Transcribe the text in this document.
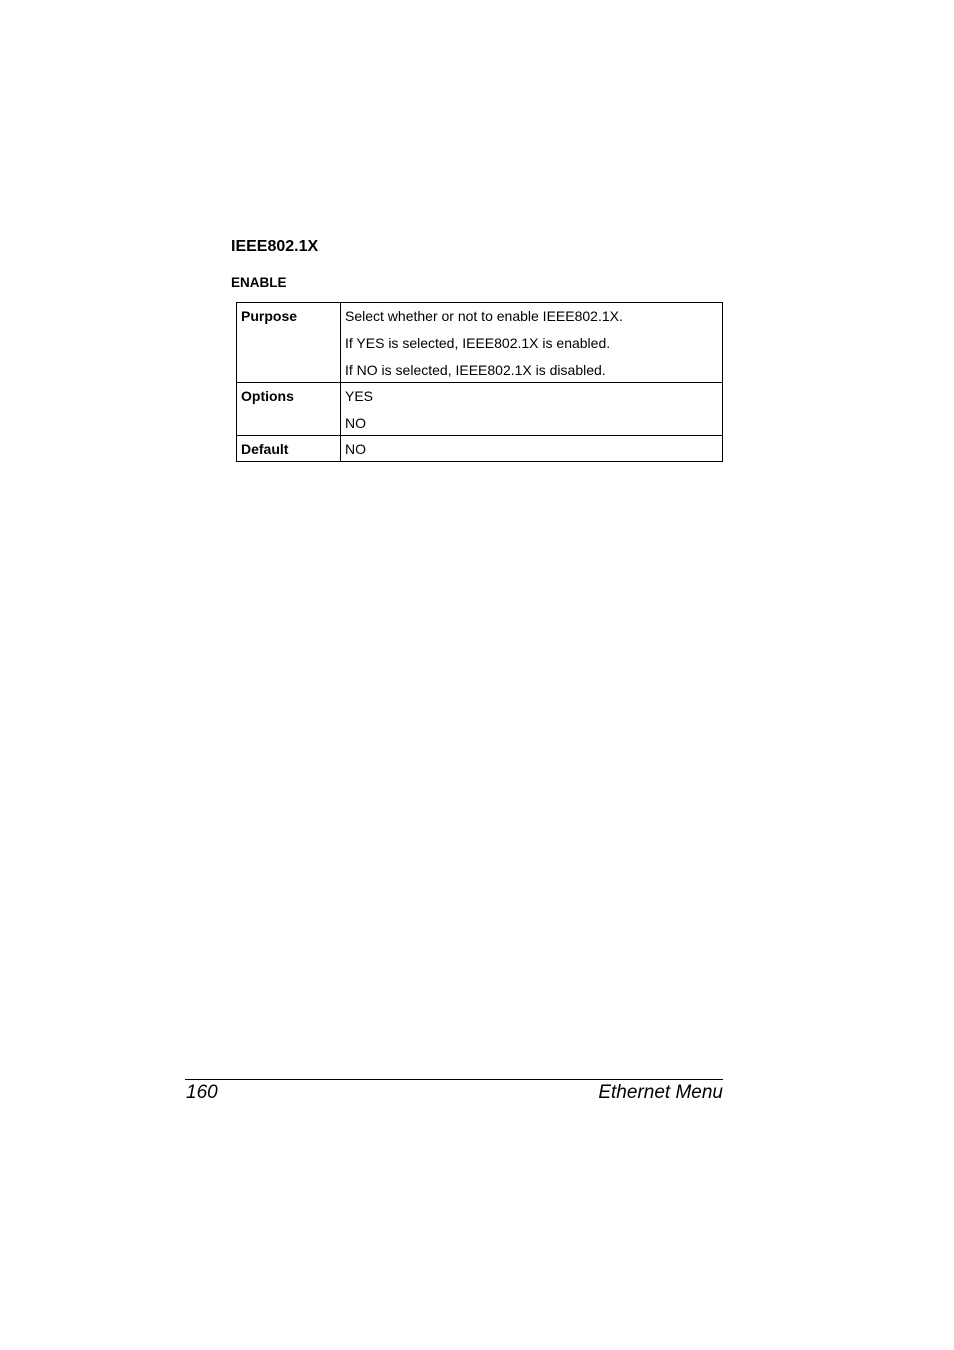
IEEE802.1X
ENABLE
Purpose	Select whether or not to enable IEEE802.1X.
If YES is selected, IEEE802.1X is enabled.
If NO is selected, IEEE802.1X is disabled.

Options	YES
NO

Default	NO
160	Ethernet Menu
